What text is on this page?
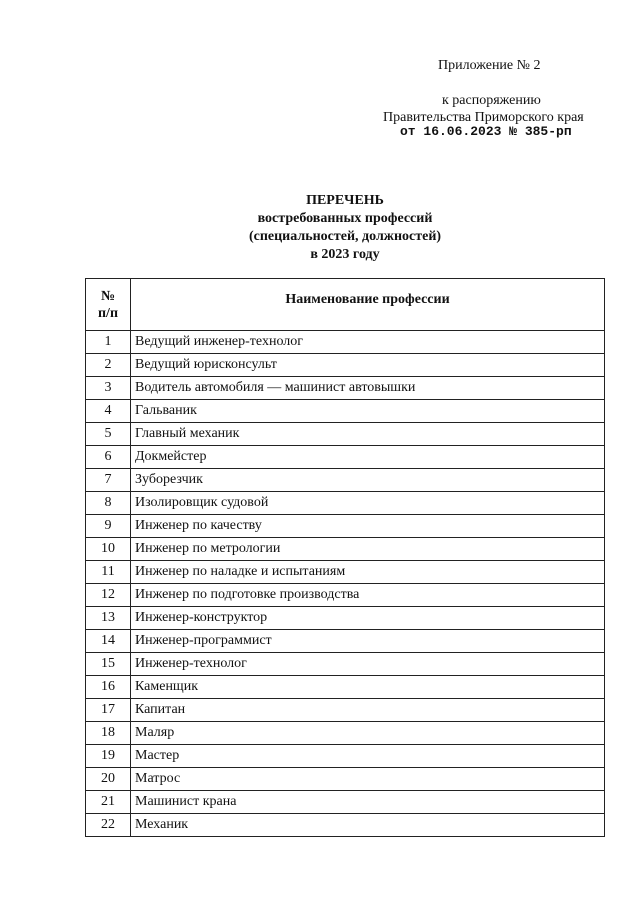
Приложение № 2
к распоряжению
Правительства Приморского края
от 16.06.2023 № 385-рп
ПЕРЕЧЕНЬ
востребованных профессий
(специальностей, должностей)
в 2023 году
№
п/п	Наименование профессии
1	Ведущий инженер-технолог
2	Ведущий юрисконсульт
3	Водитель автомобиля — машинист автовышки
4	Гальваник
5	Главный механик
6	Докмейстер
7	Зуборезчик
8	Изолировщик судовой
9	Инженер по качеству
10	Инженер по метрологии
11	Инженер по наладке и испытаниям
12	Инженер по подготовке производства
13	Инженер-конструктор
14	Инженер-программист
15	Инженер-технолог
16	Каменщик
17	Капитан
18	Маляр
19	Мастер
20	Матрос
21	Машинист крана
22	Механик
